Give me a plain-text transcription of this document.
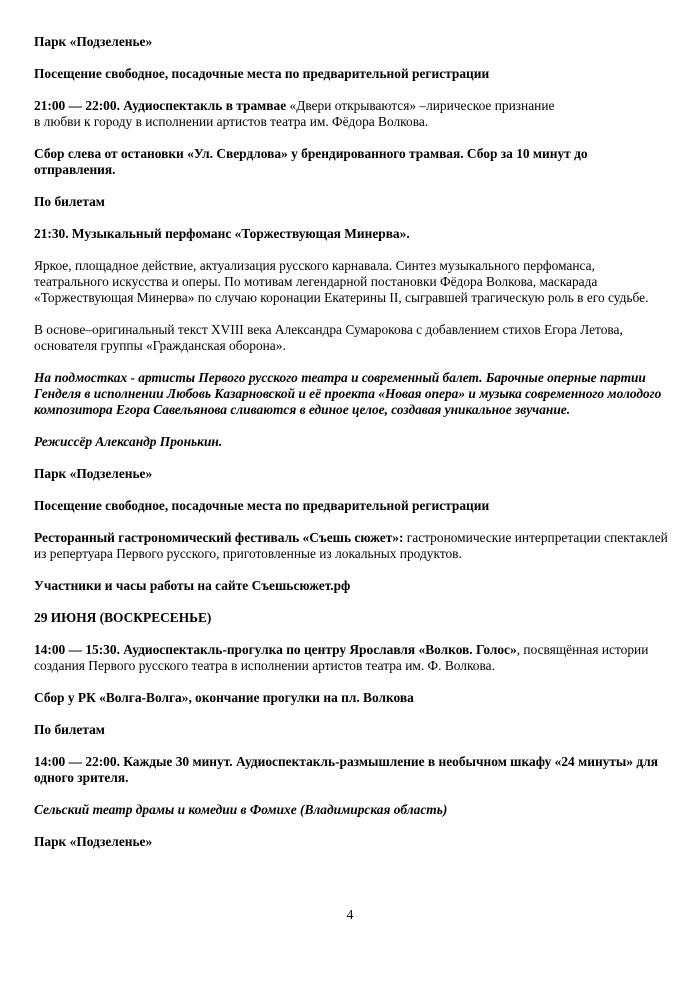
Парк «Подзеленье»

Посещение свободное, посадочные места по предварительной регистрации

21:00 — 22:00. Аудиоспектакль в трамвае «Двери открываются» –лирическое признание
в любви к городу в исполнении артистов театра им. Фёдора Волкова.

Сбор слева от остановки «Ул. Свердлова» у брендированного трамвая. Сбор за 10 минут до отправления.

По билетам

21:30. Музыкальный перфоманс «Торжествующая Минерва».

Яркое, площадное действие, актуализация русского карнавала. Синтез музыкального перфоманса, театрального искусства и оперы. По мотивам легендарной постановки Фёдора Волкова, маскарада «Торжествующая Минерва» по случаю коронации Екатерины II, сыгравшей трагическую роль в его судьбе.

В основе–оригинальный текст XVIII века Александра Сумарокова с добавлением стихов Егора Летова, основателя группы «Гражданская оборона».

На подмостках - артисты Первого русского театра и современный балет. Барочные оперные партии Генделя в исполнении Любовь Казарновской и её проекта «Новая опера» и музыка современного молодого композитора Егора Савельянова сливаются в единое целое, создавая уникальное звучание.

Режиссёр Александр Пронькин.

Парк «Подзеленье»

Посещение свободное, посадочные места по предварительной регистрации

Ресторанный гастрономический фестиваль «Съешь сюжет»: гастрономические интерпретации спектаклей из репертуара Первого русского, приготовленные из локальных продуктов.

Участники и часы работы на сайте Съешьсюжет.рф

29 ИЮНЯ (ВОСКРЕСЕНЬЕ)

14:00 — 15:30. Аудиоспектакль-прогулка по центру Ярославля «Волков. Голос», посвящённая истории создания Первого русского театра в исполнении артистов театра им. Ф. Волкова.

Сбор у РК «Волга-Волга», окончание прогулки на пл. Волкова

По билетам

14:00 — 22:00. Каждые 30 минут. Аудиоспектакль-размышление в необычном шкафу «24 минуты» для одного зрителя.

Сельский театр драмы и комедии в Фомихе (Владимирская область)

Парк «Подзеленье»

4
